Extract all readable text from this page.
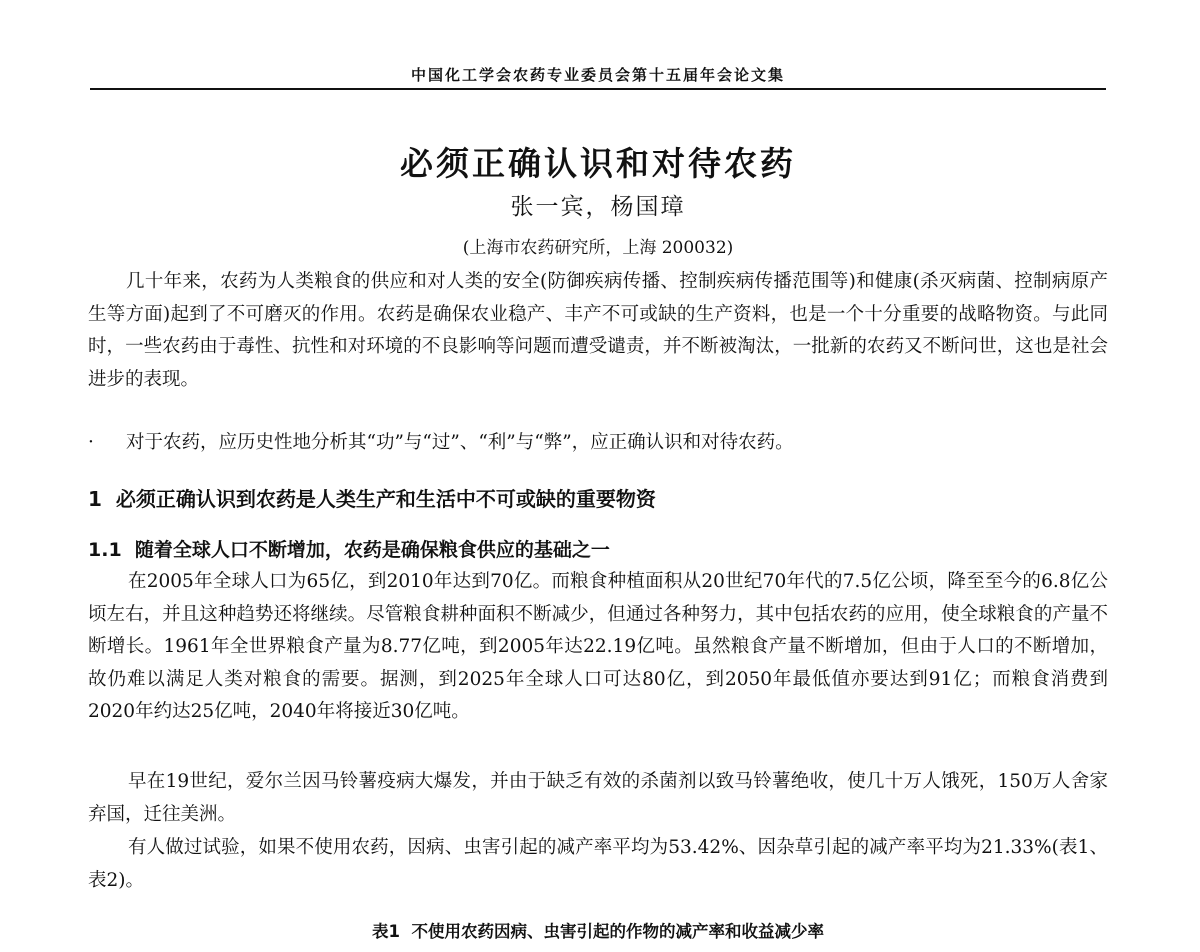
中国化工学会农药专业委员会第十五届年会论文集
必须正确认识和对待农药
张一宾，杨国璋
(上海市农药研究所，上海 200032)

几十年来，农药为人类粮食的供应和对人类的安全(防御疾病传播、控制疾病传播范围等)和健康(杀灭病菌、控制病原产生等方面)起到了不可磨灭的作用。农药是确保农业稳产、丰产不可或缺的生产资料，也是一个十分重要的战略物资。与此同时，一些农药由于毒性、抗性和对环境的不良影响等问题而遭受谴责，并不断被淘汰，一批新的农药又不断问世，这也是社会进步的表现。

· 对于农药，应历史性地分析其“功”与“过”、“利”与“弊”，应正确认识和对待农药。
1  必须正确认识到农药是人类生产和生活中不可或缺的重要物资
1.1  随着全球人口不断增加，农药是确保粮食供应的基础之一

在2005年全球人口为65亿，到2010年达到70亿。而粮食种植面积从20世纪70年代的7.5亿公顷，降至至今的6.8亿公顷左右，并且这种趋势还将继续。尽管粮食耕种面积不断减少，但通过各种努力，其中包括农药的应用，使全球粮食的产量不断增长。1961年全世界粮食产量为8.77亿吨，到2005年达22.19亿吨。虽然粮食产量不断增加，但由于人口的不断增加，故仍难以满足人类对粮食的需要。据测，到2025年全球人口可达80亿，到2050年最低值亦要达到91亿；而粮食消费到2020年约达25亿吨，2040年将接近30亿吨。

早在19世纪，爱尔兰因马铃薯疫病大爆发，并由于缺乏有效的杀菌剂以致马铃薯绝收，使几十万人饿死，150万人舍家弃国，迁往美洲。

有人做过试验，如果不使用农药，因病、虫害引起的减产率平均为53.42%、因杂草引起的减产率平均为21.33%(表1、表2)。

表1  不使用农药因病、虫害引起的作物的减产率和收益减少率
